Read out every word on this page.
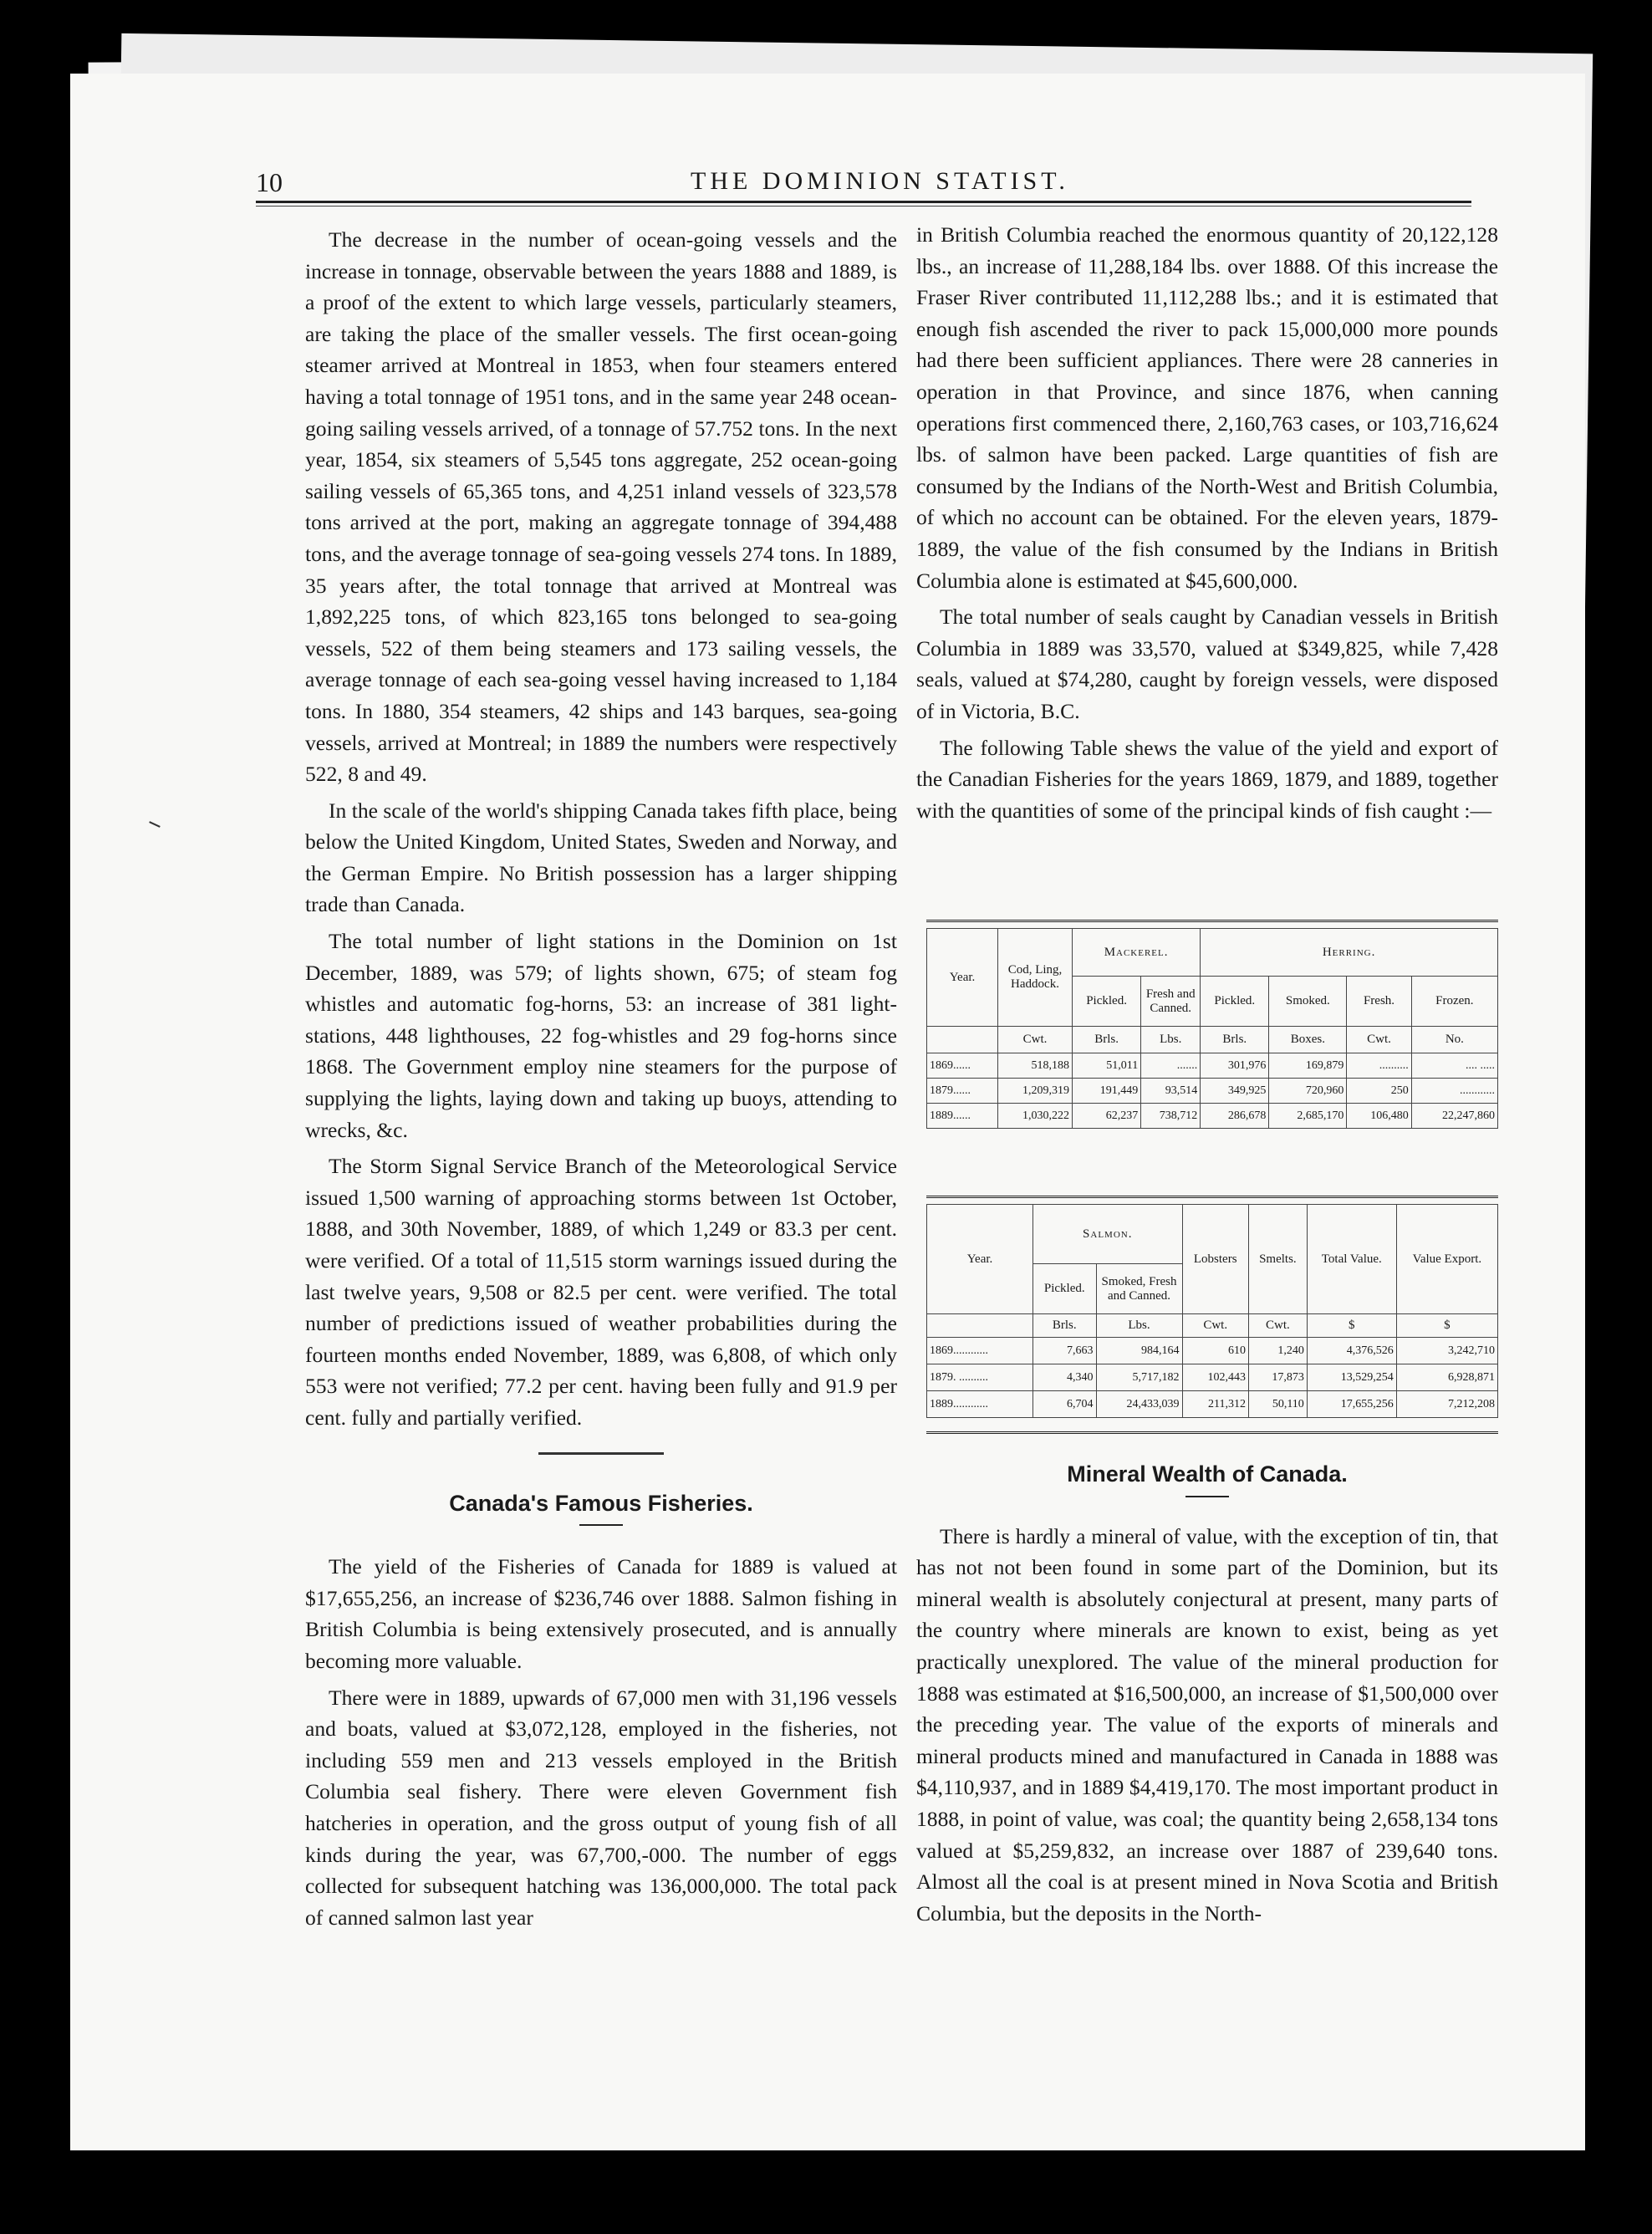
10	THE DOMINION STATIST.

The decrease in the number of ocean-going vessels and the increase in tonnage, observable between the years 1888 and 1889, is a proof of the extent to which large vessels, particularly steamers, are taking the place of the smaller vessels. The first ocean-going steamer arrived at Montreal in 1853, when four steamers entered having a total tonnage of 1951 tons, and in the same year 248 ocean-going sailing vessels arrived, of a tonnage of 57.752 tons. In the next year, 1854, six steamers of 5,545 tons aggregate, 252 ocean-going sailing vessels of 65,365 tons, and 4,251 inland vessels of 323,578 tons arrived at the port, making an aggregate tonnage of 394,488 tons, and the average tonnage of sea-going vessels 274 tons. In 1889, 35 years after, the total tonnage that arrived at Montreal was 1,892,225 tons, of which 823,165 tons belonged to sea-going vessels, 522 of them being steamers and 173 sailing vessels, the average tonnage of each sea-going vessel having increased to 1,184 tons. In 1880, 354 steamers, 42 ships and 143 barques, sea-going vessels, arrived at Montreal; in 1889 the numbers were respectively 522, 8 and 49.

In the scale of the world's shipping Canada takes fifth place, being below the United Kingdom, United States, Sweden and Norway, and the German Empire. No British possession has a larger shipping trade than Canada.

The total number of light stations in the Dominion on 1st December, 1889, was 579; of lights shown, 675; of steam fog whistles and automatic fog-horns, 53: an increase of 381 light-stations, 448 lighthouses, 22 fog-whistles and 29 fog-horns since 1868. The Government employ nine steamers for the purpose of supplying the lights, laying down and taking up buoys, attending to wrecks, &c.

The Storm Signal Service Branch of the Meteorological Service issued 1,500 warning of approaching storms between 1st October, 1888, and 30th November, 1889, of which 1,249 or 83.3 per cent. were verified. Of a total of 11,515 storm warnings issued during the last twelve years, 9,508 or 82.5 per cent. were verified. The total number of predictions issued of weather probabilities during the fourteen months ended November, 1889, was 6,808, of which only 553 were not verified; 77.2 per cent. having been fully and 91.9 per cent. fully and partially verified.

Canada's Famous Fisheries.

The yield of the Fisheries of Canada for 1889 is valued at $17,655,256, an increase of $236,746 over 1888. Salmon fishing in British Columbia is being extensively prosecuted, and is annually becoming more valuable.

There were in 1889, upwards of 67,000 men with 31,196 vessels and boats, valued at $3,072,128, employed in the fisheries, not including 559 men and 213 vessels employed in the British Columbia seal fishery. There were eleven Government fish hatcheries in operation, and the gross output of young fish of all kinds during the year, was 67,700,-000. The number of eggs collected for subsequent hatching was 136,000,000. The total pack of canned salmon last year

in British Columbia reached the enormous quantity of 20,122,128 lbs., an increase of 11,288,184 lbs. over 1888. Of this increase the Fraser River contributed 11,112,288 lbs.; and it is estimated that enough fish ascended the river to pack 15,000,000 more pounds had there been sufficient appliances. There were 28 canneries in operation in that Province, and since 1876, when canning operations first commenced there, 2,160,763 cases, or 103,716,624 lbs. of salmon have been packed. Large quantities of fish are consumed by the Indians of the North-West and British Columbia, of which no account can be obtained. For the eleven years, 1879-1889, the value of the fish consumed by the Indians in British Columbia alone is estimated at $45,600,000.

The total number of seals caught by Canadian vessels in British Columbia in 1889 was 33,570, valued at $349,825, while 7,428 seals, valued at $74,280, caught by foreign vessels, were disposed of in Victoria, B.C.

The following Table shews the value of the yield and export of the Canadian Fisheries for the years 1869, 1879, and 1889, together with the quantities of some of the principal kinds of fish caught :—

Year.	Cod, Ling, Haddock.	Mackerel.		Herring.			
		Pickled.	Fresh and Canned.	Pickled.	Smoked.	Fresh.	Frozen.
	Cwt.	Brls.	Lbs.	Brls.	Boxes.	Cwt.	No.
1869......	518,188	51,011	.......	301,976	169,879	..........	.... .....
1879......	1,209,319	191,449	93,514	349,925	720,960	250	............
1889......	1,030,222	62,237	738,712	286,678	2,685,170	106,480	22,247,860
Year.	Salmon.		Lobsters	Smelts.	Total Value.	Value Export.
	Pickled.	Smoked, Fresh and Canned.				
	Brls.	Lbs.	Cwt.	Cwt.	$	$
1869............	7,663	984,164	610	1,240	4,376,526	3,242,710
1879. ..........	4,340	5,717,182	102,443	17,873	13,529,254	6,928,871
1889............	6,704	24,433,039	211,312	50,110	17,655,256	7,212,208

Mineral Wealth of Canada.

There is hardly a mineral of value, with the exception of tin, that has not not been found in some part of the Dominion, but its mineral wealth is absolutely conjectural at present, many parts of the country where minerals are known to exist, being as yet practically unexplored. The value of the mineral production for 1888 was estimated at $16,500,000, an increase of $1,500,000 over the preceding year. The value of the exports of minerals and mineral products mined and manufactured in Canada in 1888 was $4,110,937, and in 1889 $4,419,170. The most important product in 1888, in point of value, was coal; the quantity being 2,658,134 tons valued at $5,259,832, an increase over 1887 of 239,640 tons. Almost all the coal is at present mined in Nova Scotia and British Columbia, but the deposits in the North-
